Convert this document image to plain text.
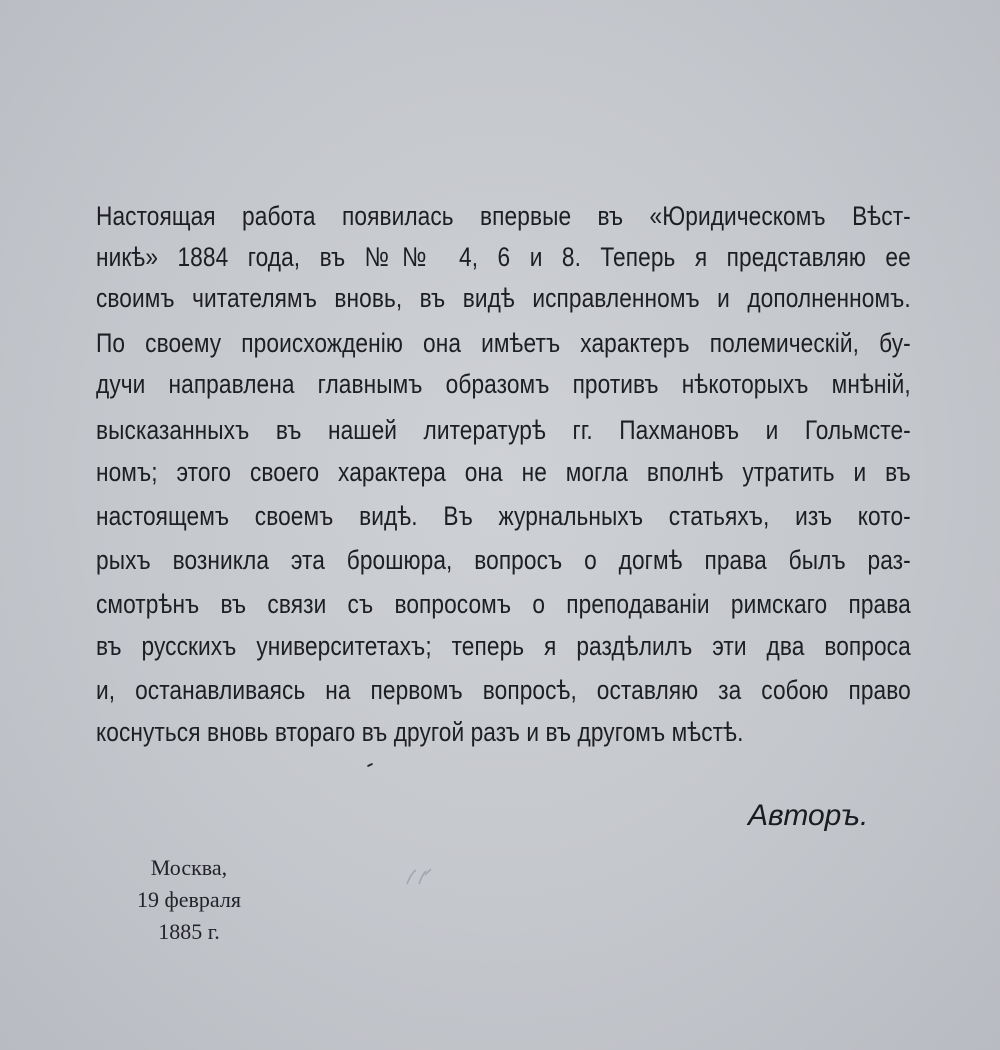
Настоящая работа появилась впервые въ «Юридическомъ Вѣст-
никѣ» 1884 года, въ №№ 4, 6 и 8. Теперь я представляю ее
своимъ читателямъ вновь, въ видѣ исправленномъ и дополненномъ.
По своему происхожденію она имѣетъ характеръ полемическій, бу-
дучи направлена главнымъ образомъ противъ нѣкоторыхъ мнѣній,
высказанныхъ въ нашей литературѣ гг. Пахмановъ и Гольмсте-
номъ; этого своего характера она не могла вполнѣ утратить и въ
настоящемъ своемъ видѣ. Въ журнальныхъ статьяхъ, изъ кото-
рыхъ возникла эта брошюра, вопросъ о догмѣ права былъ раз-
смотрѣнъ въ связи съ вопросомъ о преподаваніи римскаго права
въ русскихъ университетахъ; теперь я раздѣлилъ эти два вопроса
и, останавливаясь на первомъ вопросѣ, оставляю за собою право
коснуться вновь втораго въ другой разъ и въ другомъ мѣстѣ.
Авторъ.
Москва,
19 февраля
1885 г.
